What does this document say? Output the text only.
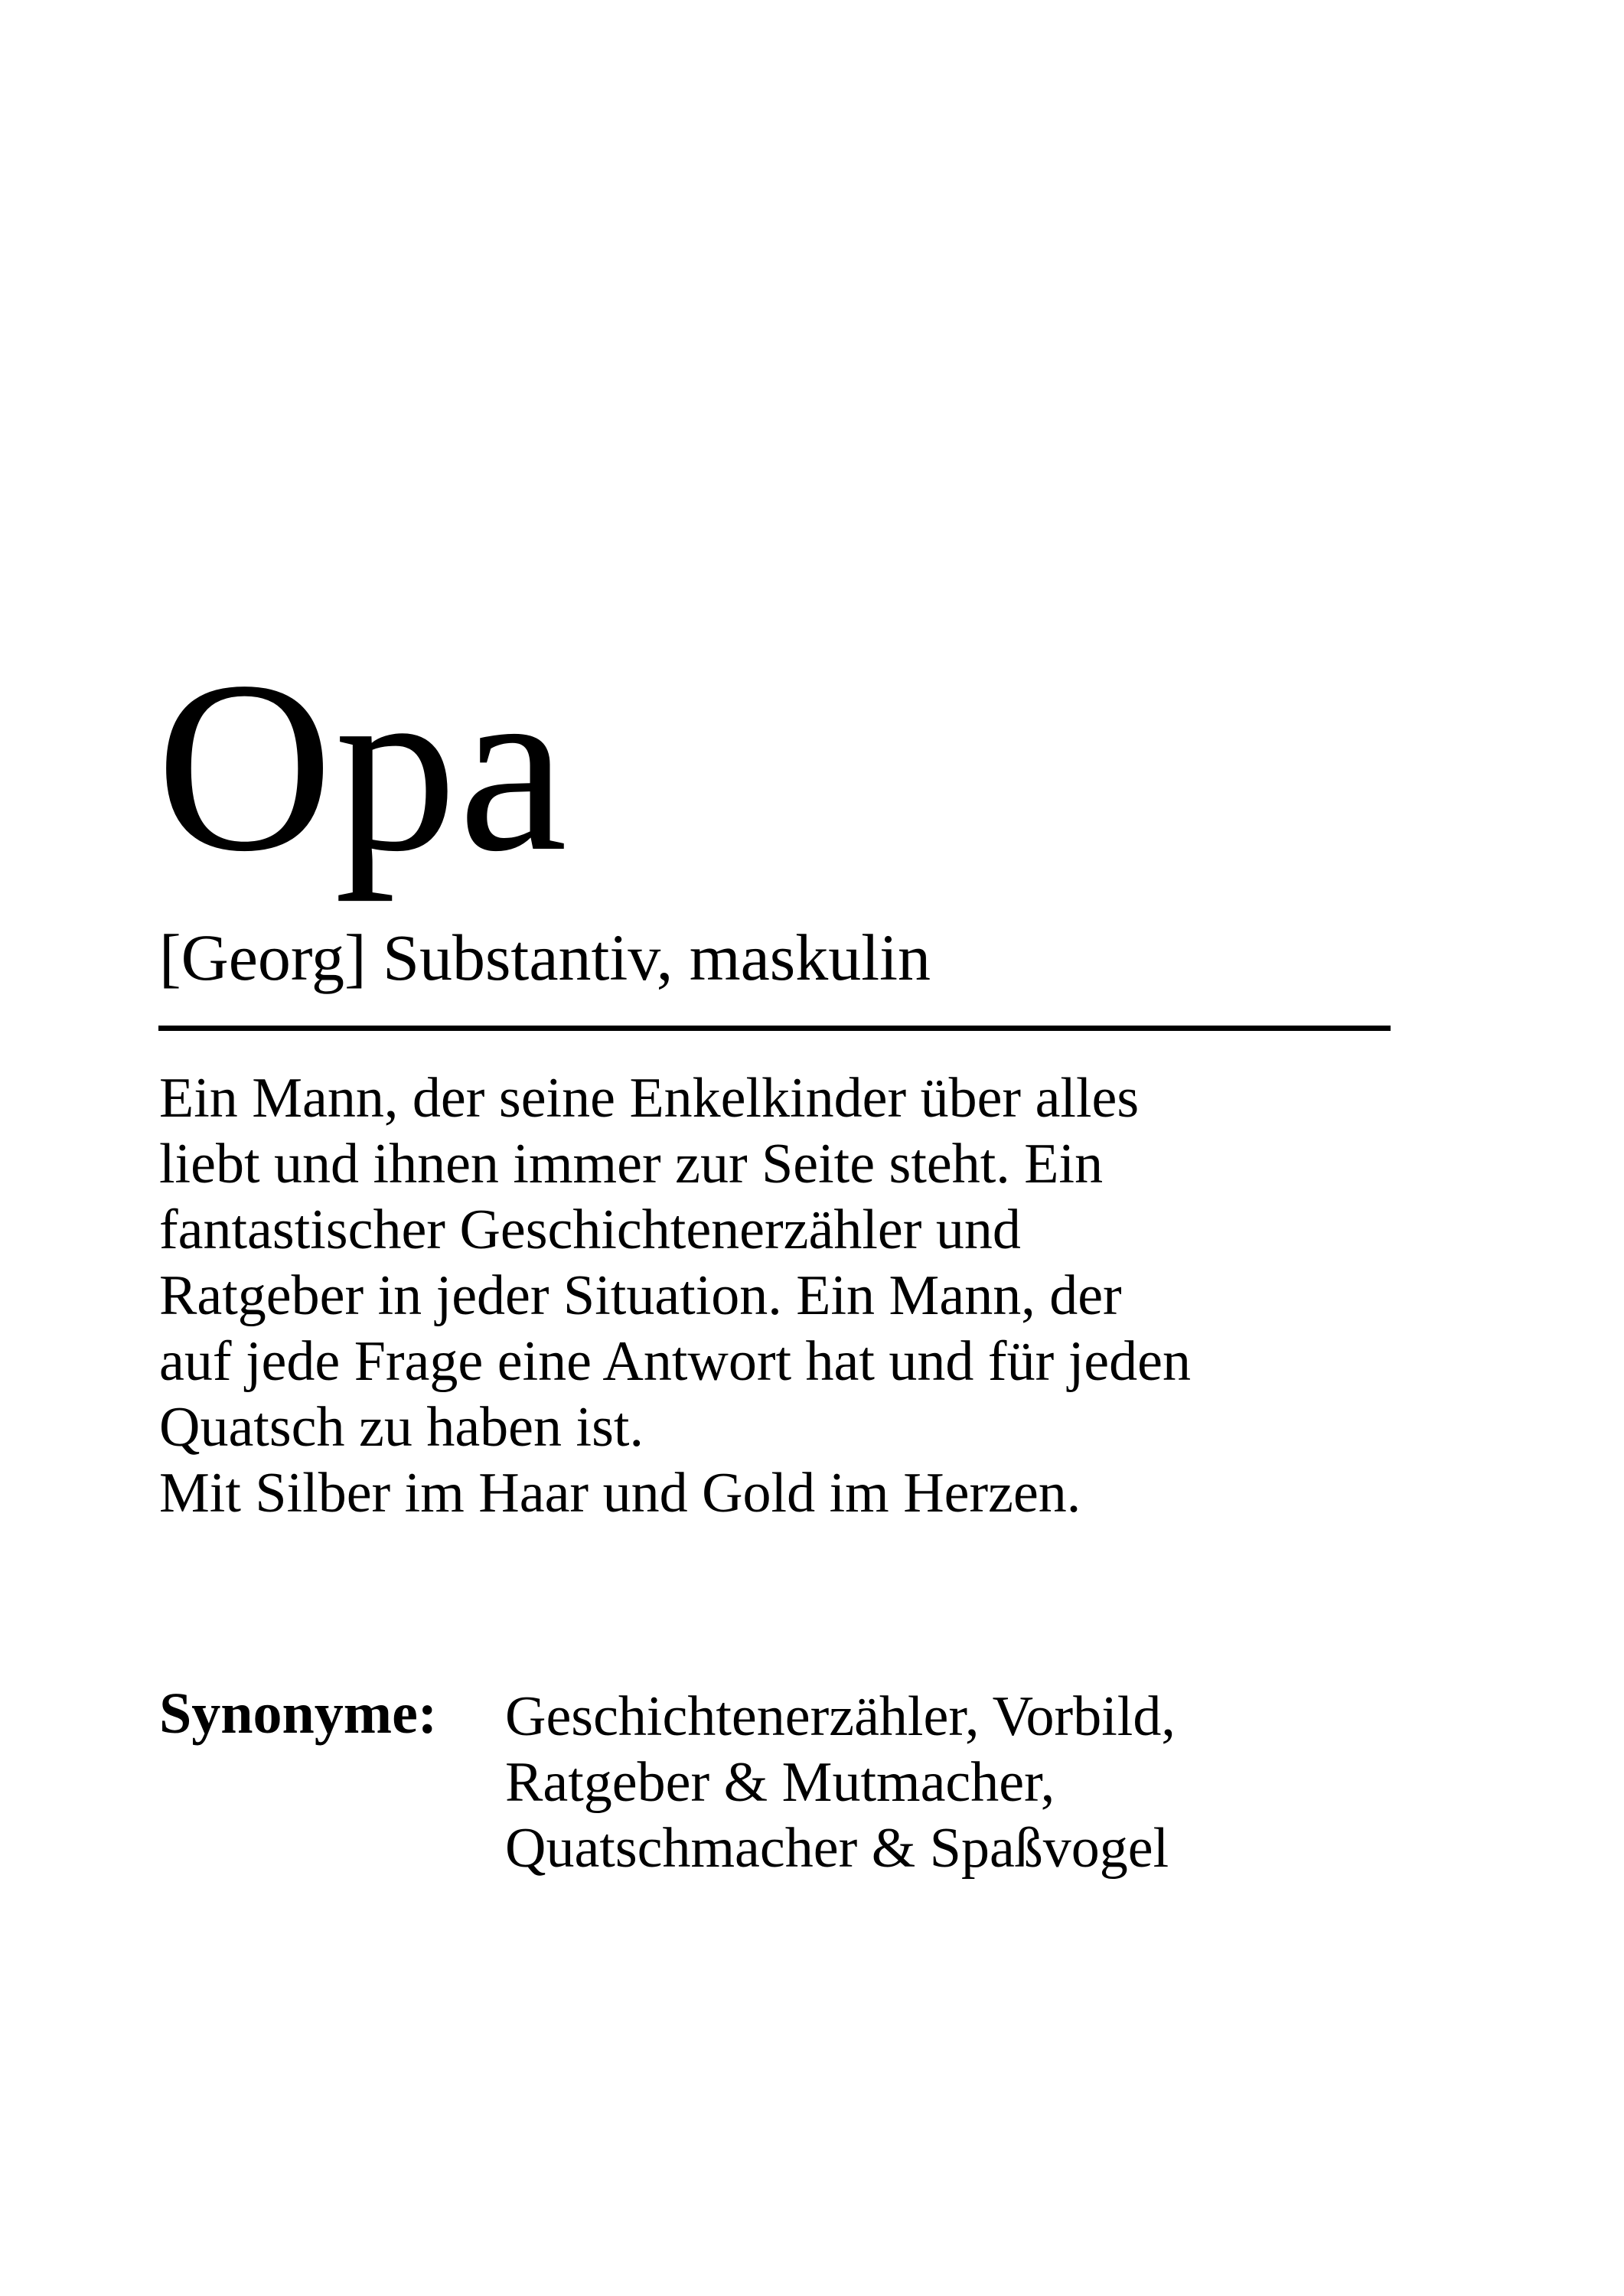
Opa
[Georg] Substantiv, maskulin
Ein Mann, der seine Enkelkinder über alles
liebt und ihnen immer zur Seite steht. Ein
fantastischer Geschichtenerzähler und
Ratgeber in jeder Situation. Ein Mann, der
auf jede Frage eine Antwort hat und für jeden
Quatsch zu haben ist.
Mit Silber im Haar und Gold im Herzen.
Synonyme: Geschichtenerzähler, Vorbild,
Ratgeber & Mutmacher,
Quatschmacher & Spaßvogel
